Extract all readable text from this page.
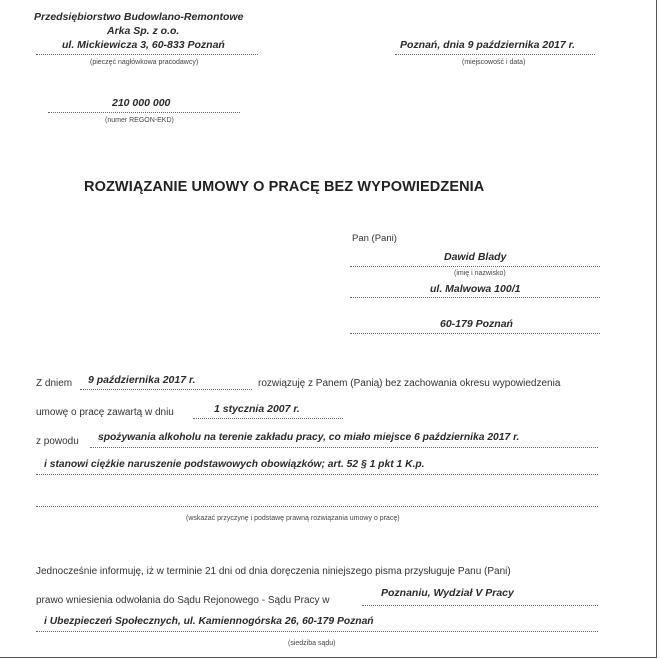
Przedsiębiorstwo Budowlano-Remontowe
Arka Sp. z o.o.
ul. Mickiewicza 3, 60-833 Poznań
(pieczęć nagłówkowa pracodawcy)
Poznań, dnia 9 października 2017 r.
(miejscowość i data)
210 000 000
(numer REGON-EKD)
ROZWIĄZANIE UMOWY O PRACĘ BEZ WYPOWIEDZENIA
Pan (Pani)
Dawid Blady
(imię i nazwisko)
ul. Malwowa 100/1
60-179 Poznań
Z dniem 9 października 2017 r.	rozwiązuję z Panem (Panią) bez zachowania okresu wypowiedzenia
umowę o pracę zawartą w dniu	1 stycznia 2007 r.
z powodu spożywania alkoholu na terenie zakładu pracy, co miało miejsce 6 października 2017 r.
i stanowi ciężkie naruszenie podstawowych obowiązków; art. 52 § 1 pkt 1 K.p.
(wskazać przyczynę i podstawę prawną rozwiązania umowy o pracę)
Jednocześnie informuję, iż w terminie 21 dni od dnia doręczenia niniejszego pisma przysługuje Panu (Pani)
prawo wniesienia odwołania do Sądu Rejonowego - Sądu Pracy w
Poznaniu, Wydział V Pracy
i Ubezpieczeń Społecznych, ul. Kamiennogórska 26, 60-179 Poznań
(siedziba sądu)
